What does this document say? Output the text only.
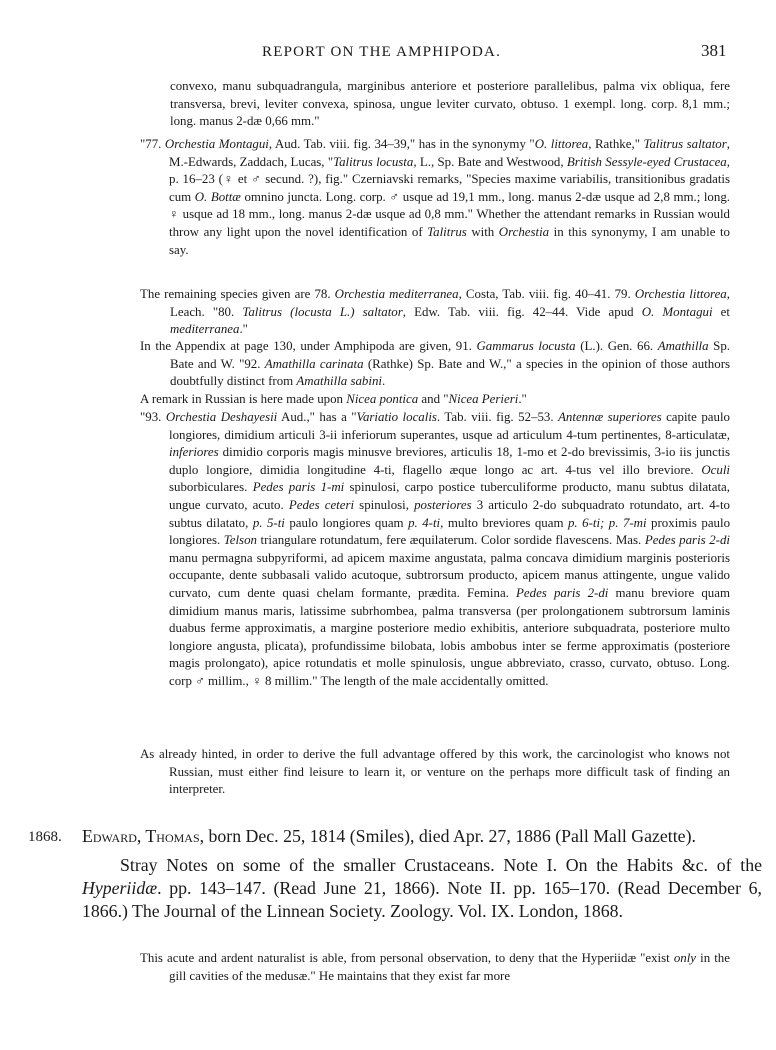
REPORT ON THE AMPHIPODA.	381

convexo, manu subquadrangula, marginibus anteriore et posteriore parallelibus, palma vix obliqua, fere transversa, brevi, leviter convexa, spinosa, ungue leviter curvato, obtuso. 1 exempl. long. corp. 8,1 mm.; long. manus 2-dæ 0,66 mm."

"77. Orchestia Montagui, Aud. Tab. viii. fig. 34–39," has in the synonymy "O. littorea, Rathke," Talitrus saltator, M.-Edwards, Zaddach, Lucas, "Talitrus locusta, L., Sp. Bate and Westwood, British Sessyle-eyed Crustacea, p. 16–23 (♀ et ♂ secund. ?), fig." Czerniavski remarks, "Species maxime variabilis, transitionibus gradatis cum O. Bottæ omnino juncta. Long. corp. ♂ usque ad 19,1 mm., long. manus 2-dæ usque ad 2,8 mm.; long. ♀ usque ad 18 mm., long. manus 2-dæ usque ad 0,8 mm." Whether the attendant remarks in Russian would throw any light upon the novel identification of Talitrus with Orchestia in this synonymy, I am unable to say.

The remaining species given are 78. Orchestia mediterranea, Costa, Tab. viii. fig. 40–41. 79. Orchestia littorea, Leach. "80. Talitrus (locusta L.) saltator, Edw. Tab. viii. fig. 42–44. Vide apud O. Montagui et mediterranea."

In the Appendix at page 130, under Amphipoda are given, 91. Gammarus locusta (L.). Gen. 66. Amathilla Sp. Bate and W. "92. Amathilla carinata (Rathke) Sp. Bate and W.," a species in the opinion of those authors doubtfully distinct from Amathilla sabini.

A remark in Russian is here made upon Nicea pontica and "Nicea Perieri."

"93. Orchestia Deshayesii Aud.," has a "Variatio localis. Tab. viii. fig. 52–53. Antennæ superiores capite paulo longiores, dimidium articuli 3-ii inferiorum superantes, usque ad articulum 4-tum pertinentes, 8-articulatæ, inferiores dimidio corporis magis minusve breviores, articulis 18, 1-mo et 2-do brevissimis, 3-io iis junctis duplo longiore, dimidia longitudine 4-ti, flagello æque longo ac art. 4-tus vel illo breviore. Oculi suborbiculares. Pedes paris 1-mi spinulosi, carpo postice tuberculiforme producto, manu subtus dilatata, ungue curvato, acuto. Pedes ceteri spinulosi, posteriores 3 articulo 2-do subquadrato rotundato, art. 4-to subtus dilatato, p. 5-ti paulo longiores quam p. 4-ti, multo breviores quam p. 6-ti; p. 7-mi proximis paulo longiores. Telson triangulare rotundatum, fere æquilaterum. Color sordide flavescens. Mas. Pedes paris 2-di manu permagna subpyriformi, ad apicem maxime angustata, palma concava dimidium marginis posterioris occupante, dente subbasali valido acutoque, subtrorsum producto, apicem manus attingente, ungue valido curvato, cum dente quasi chelam formante, prædita. Femina. Pedes paris 2-di manu breviore quam dimidium manus maris, latissime subrhombea, palma transversa (per prolongationem subtrorsum laminis duabus ferme approximatis, a margine posteriore medio exhibitis, anteriore subquadrata, posteriore multo longiore angusta, plicata), profundissime bilobata, lobis ambobus inter se ferme approximatis (posteriore magis prolongato), apice rotundatis et molle spinulosis, ungue abbreviato, crasso, curvato, obtuso. Long. corp ♂ millim., ♀ 8 millim." The length of the male accidentally omitted.

As already hinted, in order to derive the full advantage offered by this work, the carcinologist who knows not Russian, must either find leisure to learn it, or venture on the perhaps more difficult task of finding an interpreter.

1868. Edward, Thomas, born Dec. 25, 1814 (Smiles), died Apr. 27, 1886 (Pall Mall Gazette).
Stray Notes on some of the smaller Crustaceans. Note I. On the Habits &c. of the Hyperiidæ. pp. 143–147. (Read June 21, 1866). Note II. pp. 165–170. (Read December 6, 1866.) The Journal of the Linnean Society. Zoology. Vol. IX. London, 1868.

This acute and ardent naturalist is able, from personal observation, to deny that the Hyperiidæ "exist only in the gill cavities of the medusæ." He maintains that they exist far more
